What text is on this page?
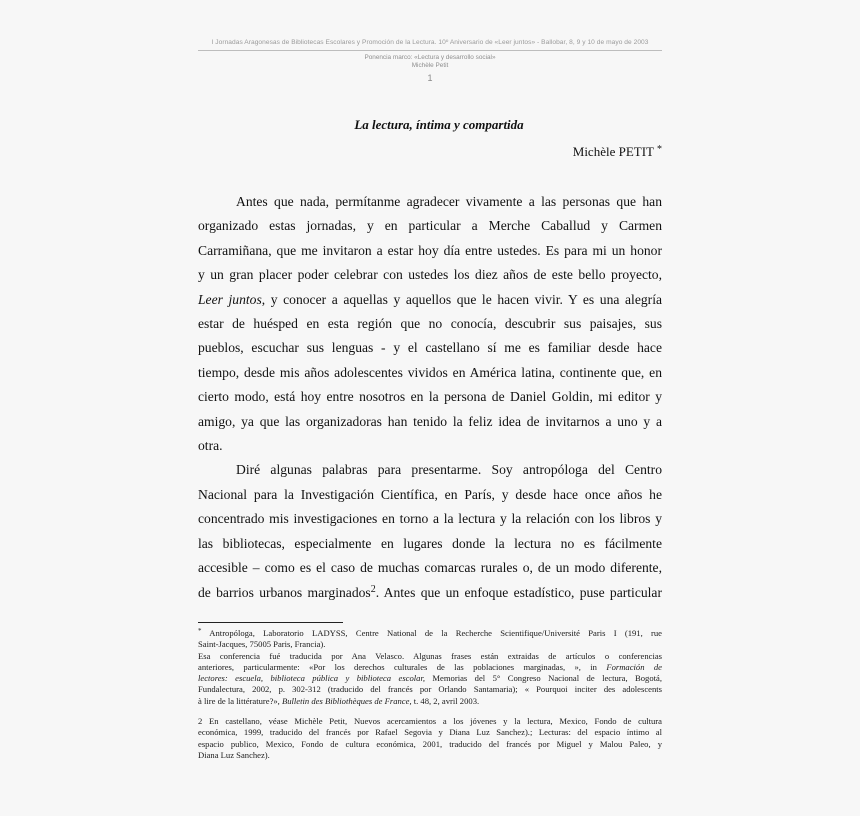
I Jornadas Aragonesas de Bibliotecas Escolares y Promoción de la Lectura. 10º Aniversario de «Leer juntos» - Ballobar, 8, 9 y 10 de mayo de 2003
Ponencia marco: «Lectura y desarrollo social»
Michèle Petit
1
La lectura, íntima y compartida
Michèle PETIT *
Antes que nada, permítanme agradecer vivamente a las personas que han
organizado estas jornadas, y en particular a Merche Caballud y Carmen
Carramiñana, que me invitaron a estar hoy día entre ustedes. Es para mi un honor
y un gran placer poder celebrar con ustedes los diez años de este bello proyecto,
Leer juntos, y conocer a aquellas y aquellos que le hacen vivir. Y es una alegría
estar de huésped en esta región que no conocía, descubrir sus paisajes, sus
pueblos, escuchar sus lenguas - y el castellano sí me es familiar desde hace
tiempo, desde mis años adolescentes vividos en América latina, continente que, en
cierto modo, está hoy entre nosotros en la persona de Daniel Goldin, mi editor y
amigo, ya que las organizadoras han tenido la feliz idea de invitarnos a uno y a
otra.
Diré algunas palabras para presentarme. Soy antropóloga del Centro
Nacional para la Investigación Científica, en París, y desde hace once años he
concentrado mis investigaciones en torno a la lectura y la relación con los libros y
las bibliotecas, especialmente en lugares donde la lectura no es fácilmente
accesible – como es el caso de muchas comarcas rurales o, de un modo diferente,
de barrios urbanos marginados$^2$. Antes que un enfoque estadístico, puse particular
* Antropóloga, Laboratorio LADYSS, Centre National de la Recherche Scientifique/Université Paris I (191, rue
Saint-Jacques, 75005 Paris, Francia).
Esa conferencia fué traducida por Ana Velasco. Algunas frases están extraidas de artículos o conferencias
anteriores, particularmente: «Por los derechos culturales de las poblaciones marginadas, », in Formación de
lectores: escuela, biblioteca pública y biblioteca escolar, Memorias del 5° Congreso Nacional de lectura, Bogotá,
Fundalectura, 2002, p. 302-312 (traducido del francés por Orlando Santamaria); « Pourquoi inciter des adolescents
à lire de la littérature?», Bulletin des Bibliothèques de France, t. 48, 2, avril 2003.
2 En castellano, véase Michèle Petit, Nuevos acercamientos a los jóvenes y la lectura, Mexico, Fondo de cultura
económica, 1999, traducido del francés por Rafael Segovia y Diana Luz Sanchez).; Lecturas: del espacio íntimo al
espacio publico, Mexico, Fondo de cultura económica, 2001, traducido del francés por Miguel y Malou Paleo, y
Diana Luz Sanchez).
